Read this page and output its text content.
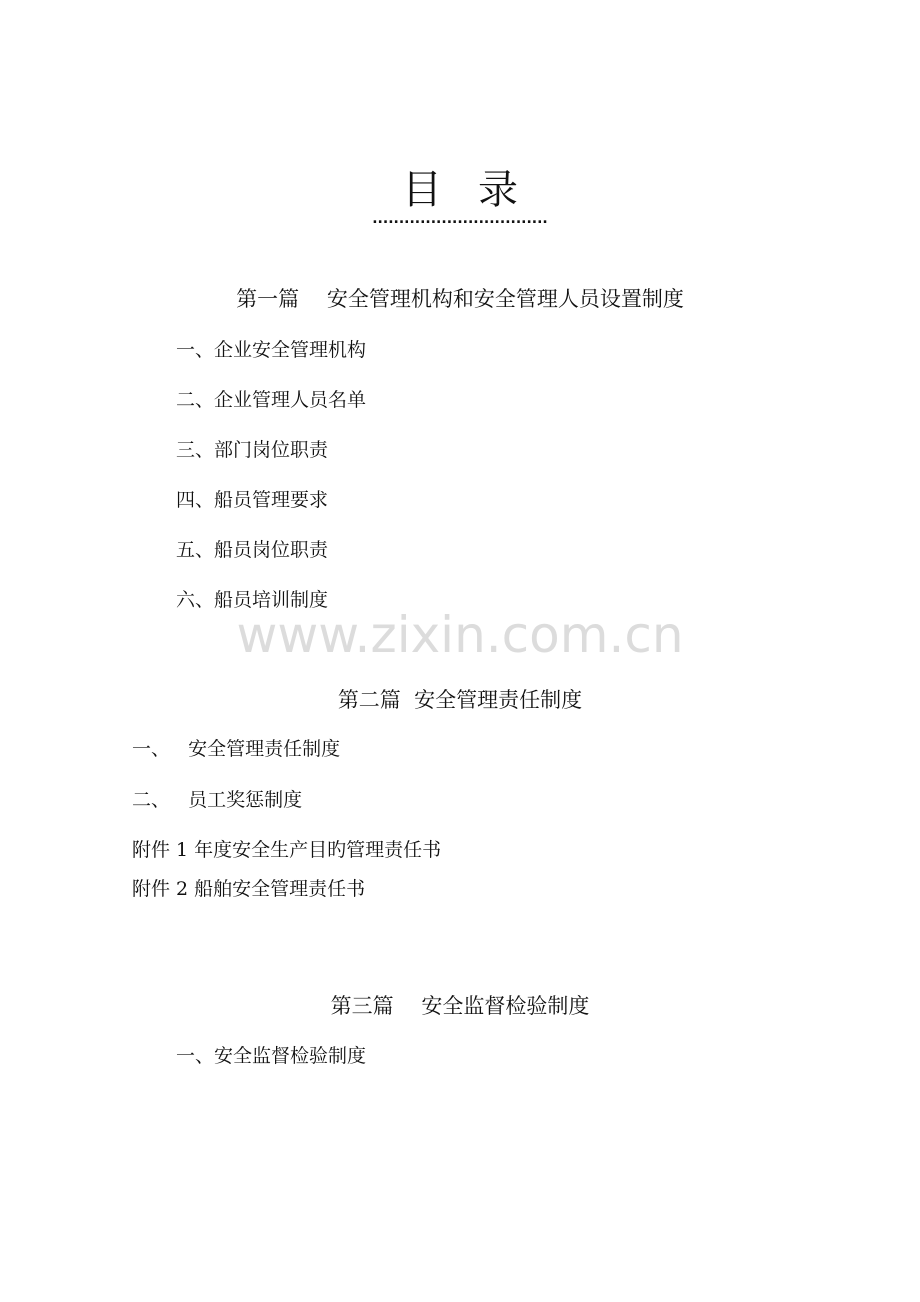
目 录
.................................
第一篇　 安全管理机构和安全管理人员设置制度
一、企业安全管理机构
二、企业管理人员名单
三、部门岗位职责
四、船员管理要求
五、船员岗位职责
六、船员培训制度
www.zixin.com.cn
第二篇  安全管理责任制度
一、   安全管理责任制度
二、   员工奖惩制度
附件 1 年度安全生产目旳管理责任书
附件 2 船舶安全管理责任书
第三篇　 安全监督检验制度
一、安全监督检验制度
